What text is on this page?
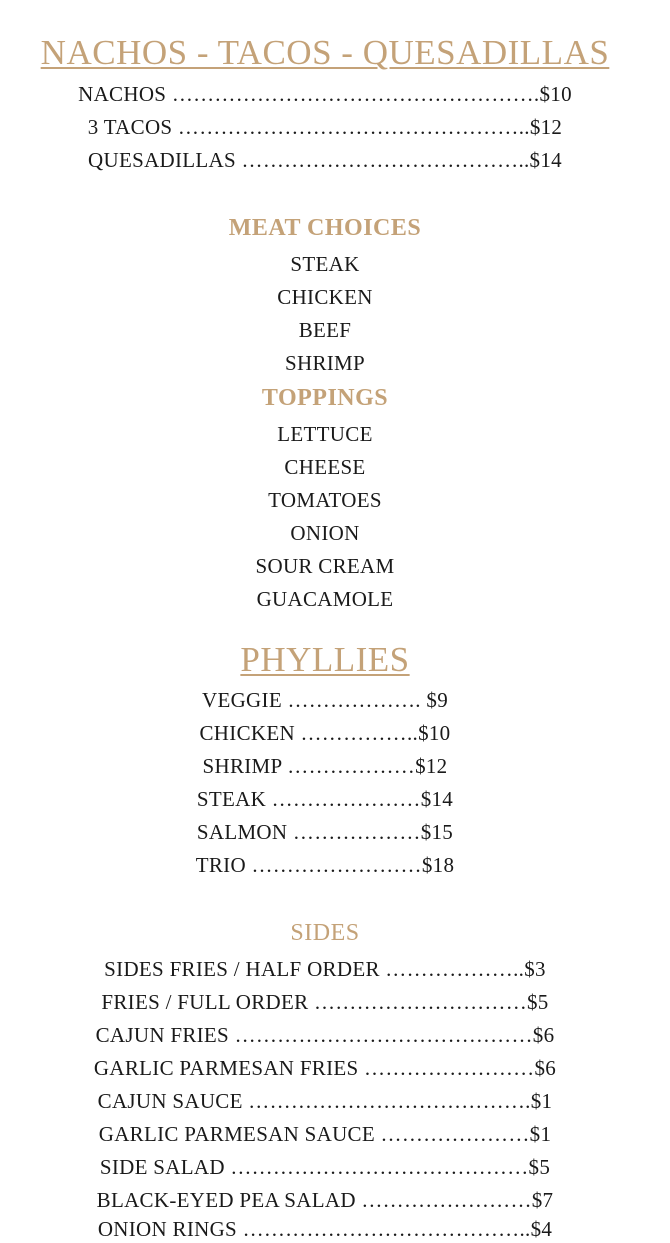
NACHOS - TACOS - QUESADILLAS
NACHOS …………………………………………….$10
3 TACOS …………………………………………..$12
QUESADILLAS …………………………………..$14
MEAT CHOICES
STEAK
CHICKEN
BEEF
SHRIMP
TOPPINGS
LETTUCE
CHEESE
TOMATOES
ONION
SOUR CREAM
GUACAMOLE
PHYLLIES
VEGGIE ………………. $9
CHICKEN ……………..$10
SHRIMP ………………$12
STEAK …………………$14
SALMON ………………$15
TRIO ……………………$18
SIDES
SIDES FRIES / HALF ORDER ………………..$3
FRIES / FULL ORDER …………………………$5
CAJUN FRIES ……………………………………$6
GARLIC PARMESAN FRIES ……………………$6
CAJUN SAUCE ………………………………….$1
GARLIC PARMESAN SAUCE …………………$1
SIDE SALAD ……………………………………$5
BLACK-EYED PEA SALAD ……………………$7
ONION RINGS …………………………………..$4
